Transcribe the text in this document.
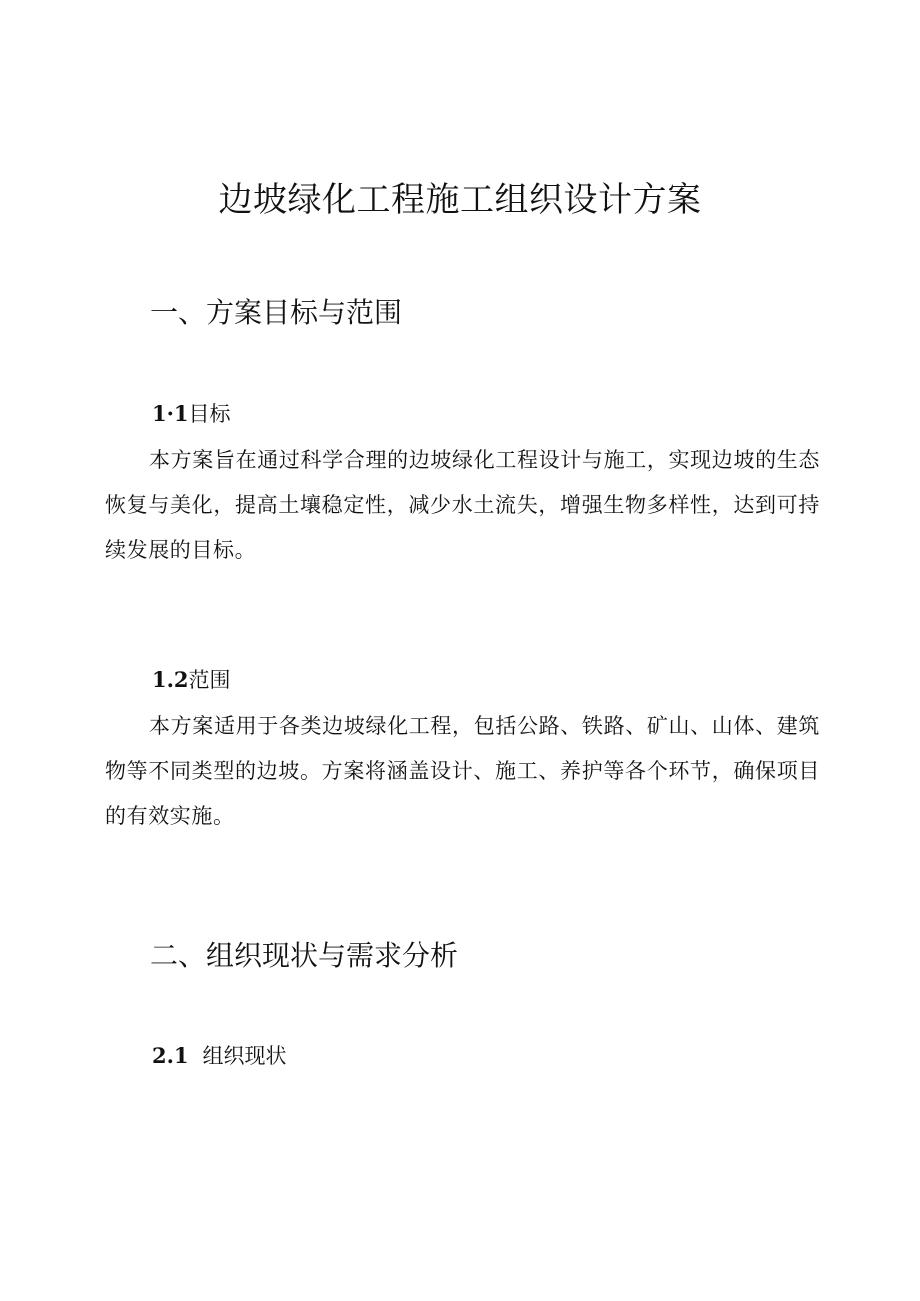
边坡绿化工程施工组织设计方案
一、方案目标与范围
1·1目标

本方案旨在通过科学合理的边坡绿化工程设计与施工，实现边坡的生态恢复与美化，提高土壤稳定性，减少水土流失，增强生物多样性，达到可持续发展的目标。

1.2范围

本方案适用于各类边坡绿化工程，包括公路、铁路、矿山、山体、建筑物等不同类型的边坡。方案将涵盖设计、施工、养护等各个环节，确保项目的有效实施。

二、组织现状与需求分析
2.1 组织现状
